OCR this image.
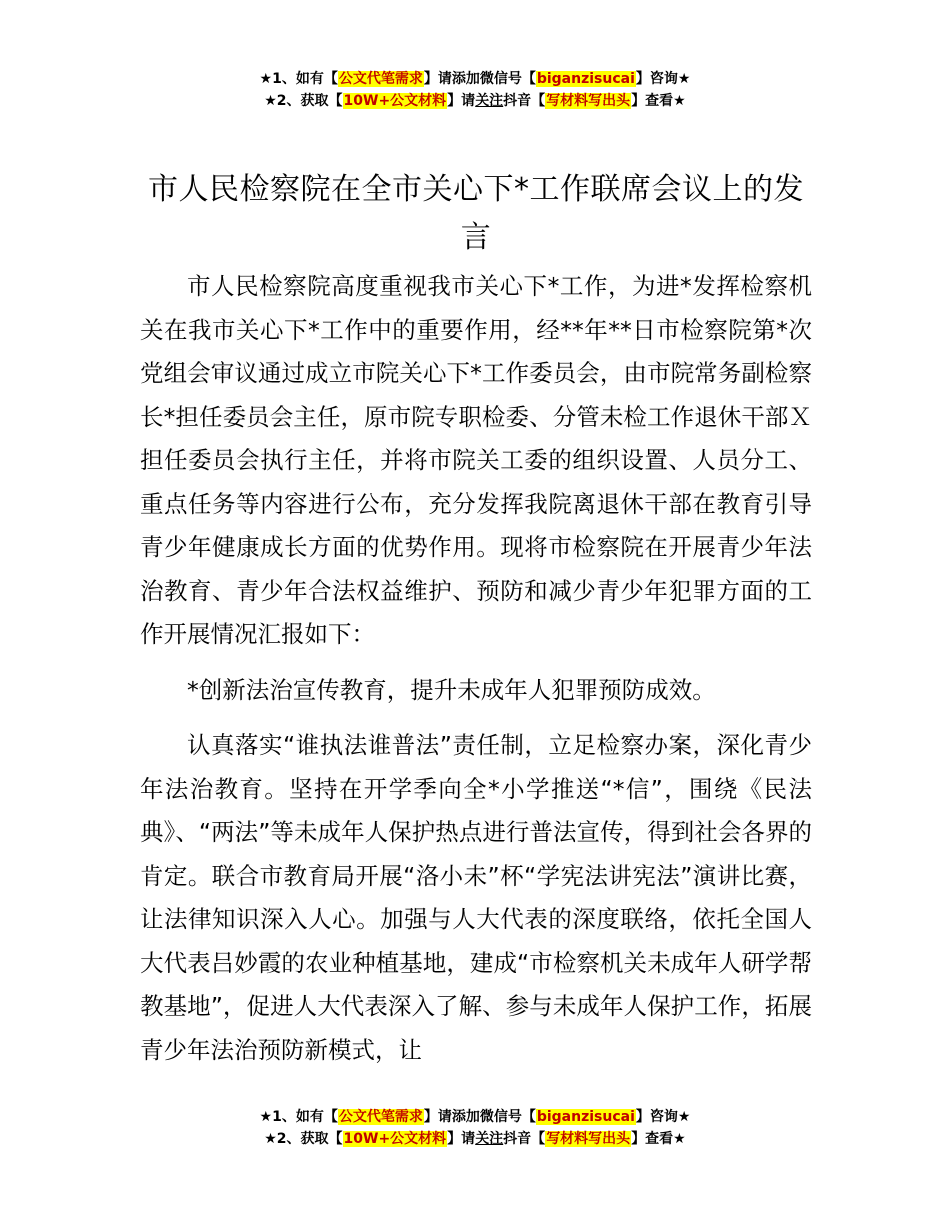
★1、如有【公文代笔需求】请添加微信号【biganzisucai】咨询★
★2、获取【10W+公文材料】请关注抖音【写材料写出头】查看★
市人民检察院在全市关心下*工作联席会议上的发言

市人民检察院高度重视我市关心下*工作，为进*发挥检察机关在我市关心下*工作中的重要作用，经**年**日市检察院第*次党组会审议通过成立市院关心下*工作委员会，由市院常务副检察长*担任委员会主任，原市院专职检委、分管未检工作退休干部Ｘ担任委员会执行主任，并将市院关工委的组织设置、人员分工、重点任务等内容进行公布，充分发挥我院离退休干部在教育引导青少年健康成长方面的优势作用。现将市检察院在开展青少年法治教育、青少年合法权益维护、预防和减少青少年犯罪方面的工作开展情况汇报如下：

*创新法治宣传教育，提升未成年人犯罪预防成效。

认真落实“谁执法谁普法”责任制，立足检察办案，深化青少年法治教育。坚持在开学季向全*小学推送“*信”，围绕《民法典》、“两法”等未成年人保护热点进行普法宣传，得到社会各界的肯定。联合市教育局开展“洛小未”杯“学宪法讲宪法”演讲比赛，让法律知识深入人心。加强与人大代表的深度联络，依托全国人大代表吕妙霞的农业种植基地，建成“市检察机关未成年人研学帮教基地”，促进人大代表深入了解、参与未成年人保护工作，拓展青少年法治预防新模式，让

★1、如有【公文代笔需求】请添加微信号【biganzisucai】咨询★
★2、获取【10W+公文材料】请关注抖音【写材料写出头】查看★
